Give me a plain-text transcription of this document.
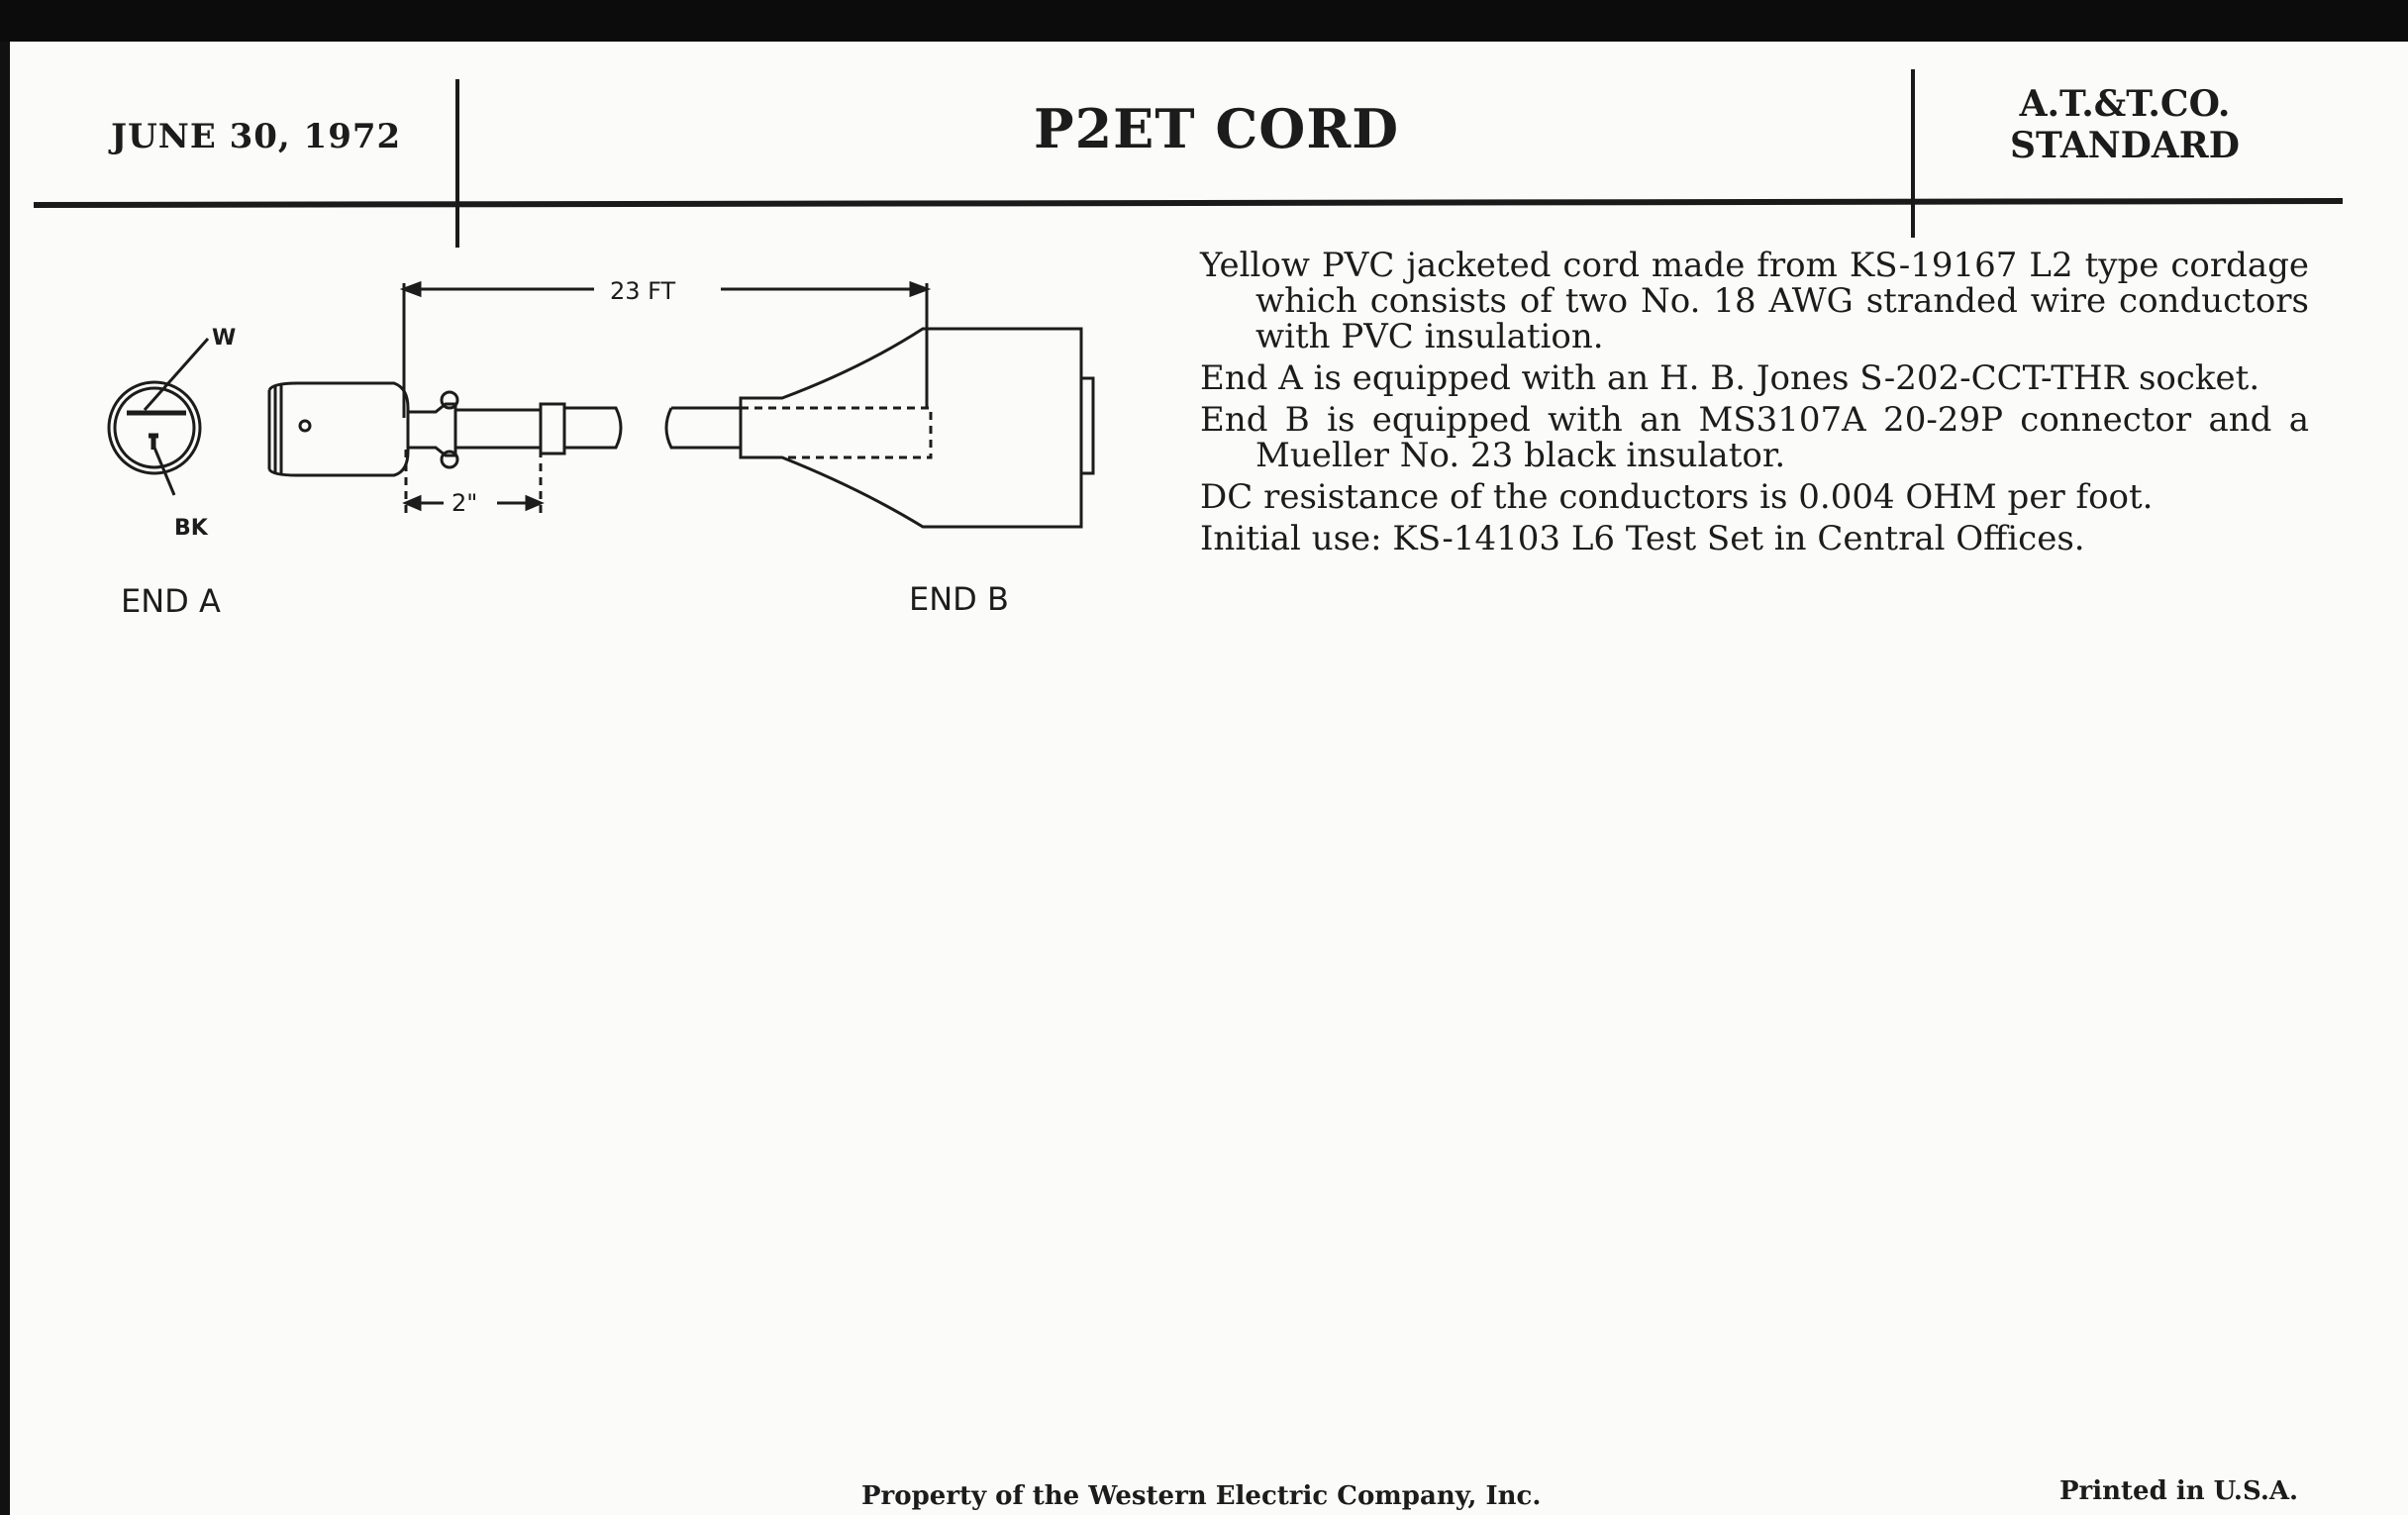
JUNE 30, 1972	P2ET CORD	A.T.&T.CO.
STANDARD
23 FT
2"
W
BK
END A	END B

Yellow PVC jacketed cord made from KS-19167 L2 type cordage which consists of two No. 18 AWG stranded wire conductors with PVC insulation.

End A is equipped with an H. B. Jones S-202-CCT-THR socket.

End B is equipped with an MS3107A 20-29P connector and a Mueller No. 23 black insulator.

DC resistance of the conductors is 0.004 OHM per foot.

Initial use: KS-14103 L6 Test Set in Central Offices.

Property of the Western Electric Company, Inc.	Printed in U.S.A.
